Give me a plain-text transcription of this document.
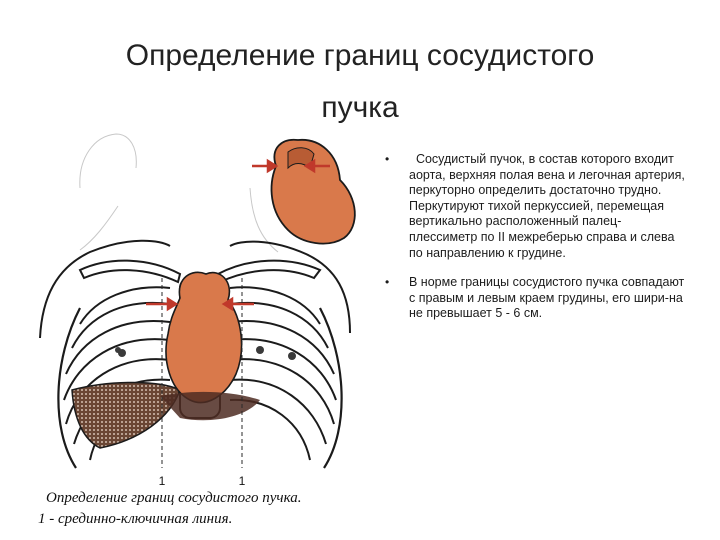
Определение границ сосудистого
пучка
1	1
Определение границ сосудистого пучка.
1 - срединно-ключичная линия.
•   Сосудистый пучок, в состав которого входит аорта, верхняя полая вена и легочная артерия, перкуторно определить достаточно трудно. Перкутируют тихой перкуссией, перемещая вертикально расположенный палец-плессиметр по II межреберью справа и слева  по направлению к грудине.
• В норме границы сосудистого пучка совпадают с правым и левым краем грудины, его шири-на не превышает 5 - 6 см.
